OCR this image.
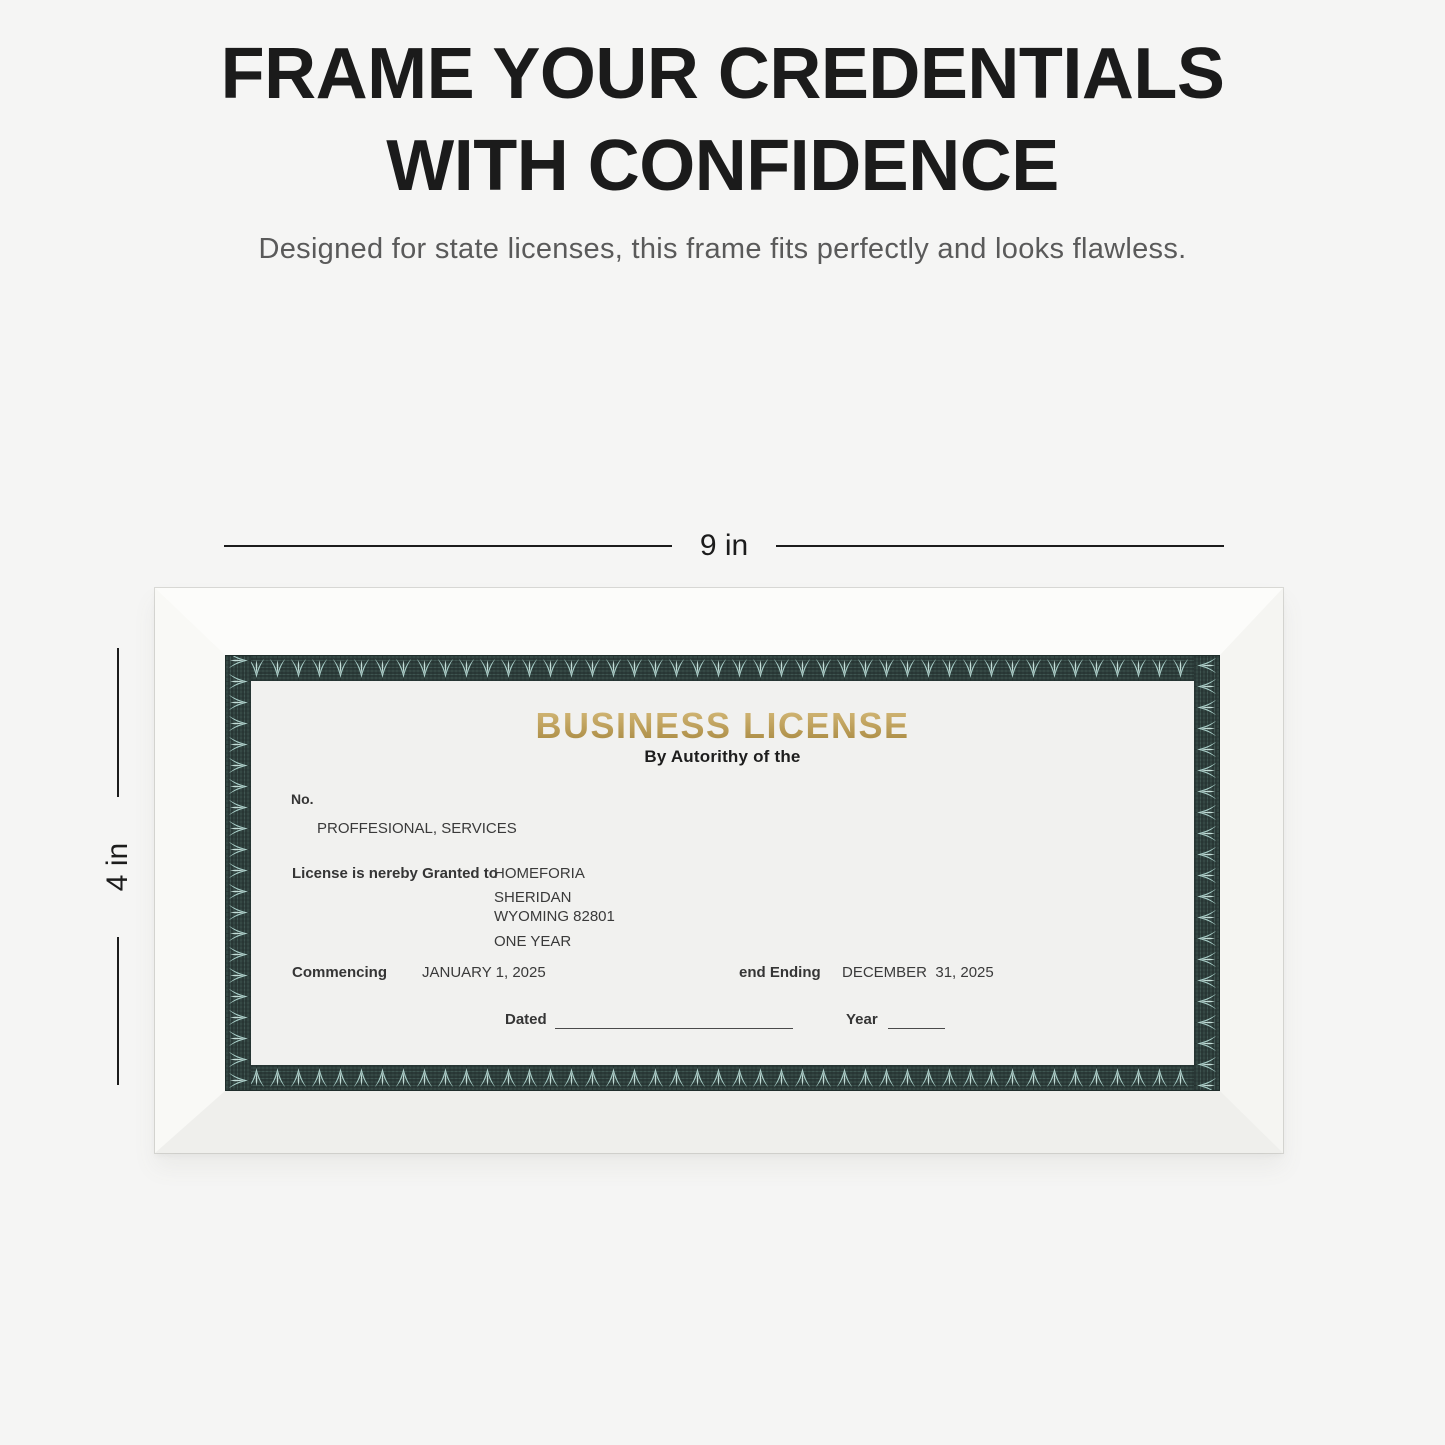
FRAME YOUR CREDENTIALS
WITH CONFIDENCE
Designed for state licenses, this frame fits perfectly and looks flawless.
9 in
4 in
BUSINESS LICENSE
By Autorithy of the
No.
PROFFESIONAL, SERVICES
License is nereby Granted to
HOMEFORIA
SHERIDAN
WYOMING 82801
ONE YEAR
Commencing JANUARY 1, 2025	end Ending DECEMBER  31, 2025
Dated	Year
